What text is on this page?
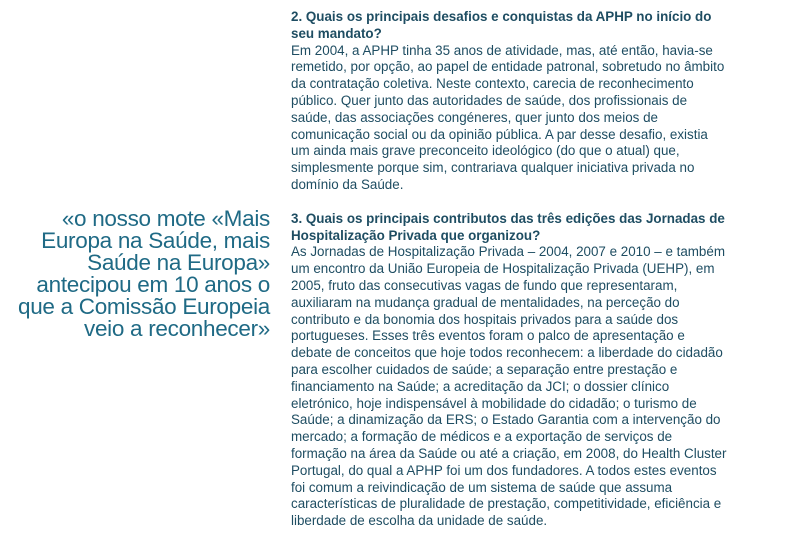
«o nosso mote «Mais Europa na Saúde, mais Saúde na Europa» antecipou em 10 anos o que a Comissão Europeia veio a reconhecer»

2. Quais os principais desafios e conquistas da APHP no início do seu mandato?

Em 2004, a APHP tinha 35 anos de atividade, mas, até então, havia-se remetido, por opção, ao papel de entidade patronal, sobretudo no âmbito da contratação coletiva. Neste contexto, carecia de reconhecimento público. Quer junto das autoridades de saúde, dos profissionais de saúde, das associações congéneres, quer junto dos meios de comunicação social ou da opinião pública. A par desse desafio, existia um ainda mais grave preconceito ideológico (do que o atual) que, simplesmente porque sim, contrariava qualquer iniciativa privada no domínio da Saúde.

3. Quais os principais contributos das três edições das Jornadas de Hospitalização Privada que organizou?

As Jornadas de Hospitalização Privada – 2004, 2007 e 2010 – e também um encontro da União Europeia de Hospitalização Privada (UEHP), em 2005, fruto das consecutivas vagas de fundo que representaram, auxiliaram na mudança gradual de mentalidades, na perceção do contributo e da bonomia dos hospitais privados para a saúde dos portugueses. Esses três eventos foram o palco de apresentação e debate de conceitos que hoje todos reconhecem: a liberdade do cidadão para escolher cuidados de saúde; a separação entre prestação e financiamento na Saúde; a acreditação da JCI; o dossier clínico eletrónico, hoje indispensável à mobilidade do cidadão; o turismo de Saúde; a dinamização da ERS; o Estado Garantia com a intervenção do mercado; a formação de médicos e a exportação de serviços de formação na área da Saúde ou até a criação, em 2008, do Health Cluster Portugal, do qual a APHP foi um dos fundadores. A todos estes eventos foi comum a reivindicação de um sistema de saúde que assuma características de pluralidade de prestação, competitividade, eficiência e liberdade de escolha da unidade de saúde.
